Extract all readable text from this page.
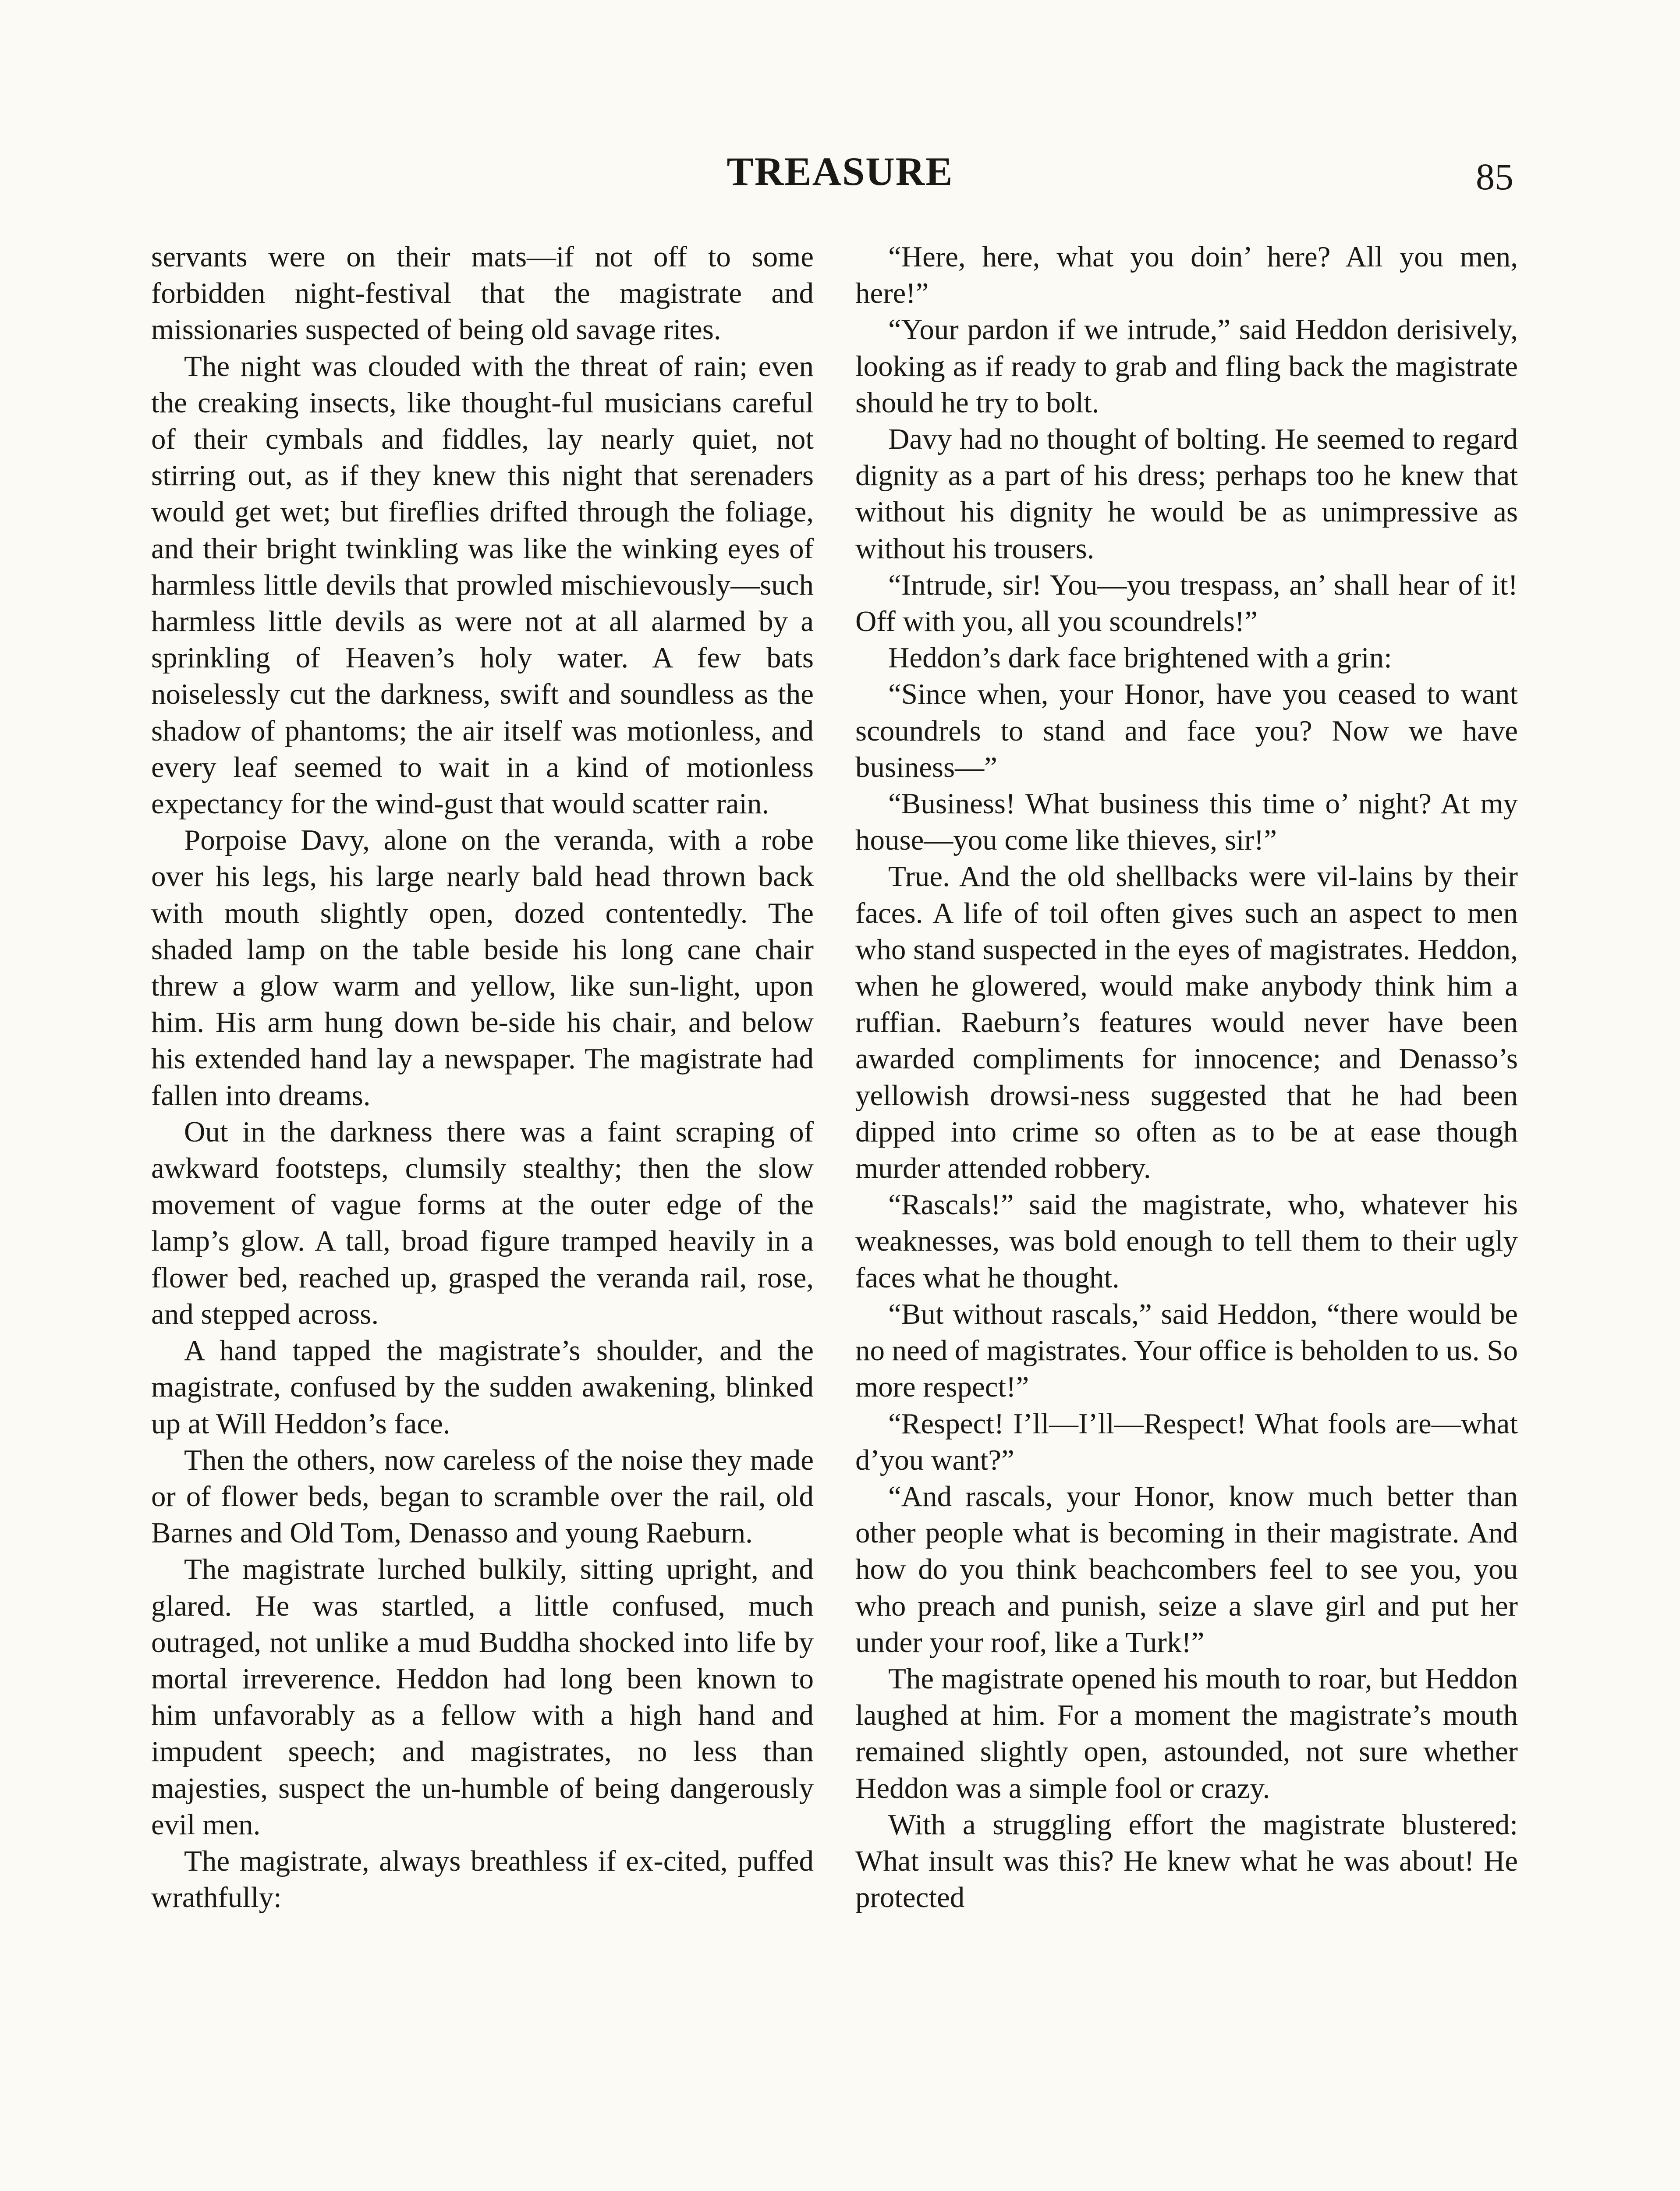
TREASURE	85

servants were on their mats—if not off to some forbidden night-festival that the magistrate and missionaries suspected of being old savage rites.

The night was clouded with the threat of rain; even the creaking insects, like thought-ful musicians careful of their cymbals and fiddles, lay nearly quiet, not stirring out, as if they knew this night that serenaders would get wet; but fireflies drifted through the foliage, and their bright twinkling was like the winking eyes of harmless little devils that prowled mischievously—such harmless little devils as were not at all alarmed by a sprinkling of Heaven’s holy water. A few bats noiselessly cut the darkness, swift and soundless as the shadow of phantoms; the air itself was motionless, and every leaf seemed to wait in a kind of motionless expectancy for the wind-gust that would scatter rain.

Porpoise Davy, alone on the veranda, with a robe over his legs, his large nearly bald head thrown back with mouth slightly open, dozed contentedly. The shaded lamp on the table beside his long cane chair threw a glow warm and yellow, like sun-light, upon him. His arm hung down be-side his chair, and below his extended hand lay a newspaper. The magistrate had fallen into dreams.

Out in the darkness there was a faint scraping of awkward footsteps, clumsily stealthy; then the slow movement of vague forms at the outer edge of the lamp’s glow. A tall, broad figure tramped heavily in a flower bed, reached up, grasped the veranda rail, rose, and stepped across.

A hand tapped the magistrate’s shoulder, and the magistrate, confused by the sudden awakening, blinked up at Will Heddon’s face.

Then the others, now careless of the noise they made or of flower beds, began to scramble over the rail, old Barnes and Old Tom, Denasso and young Raeburn.

The magistrate lurched bulkily, sitting upright, and glared. He was startled, a little confused, much outraged, not unlike a mud Buddha shocked into life by mortal irreverence. Heddon had long been known to him unfavorably as a fellow with a high hand and impudent speech; and magistrates, no less than majesties, suspect the un-humble of being dangerously evil men.

The magistrate, always breathless if ex-cited, puffed wrathfully:

“Here, here, what you doin’ here? All you men, here!”

“Your pardon if we intrude,” said Heddon derisively, looking as if ready to grab and fling back the magistrate should he try to bolt.

Davy had no thought of bolting. He seemed to regard dignity as a part of his dress; perhaps too he knew that without his dignity he would be as unimpressive as without his trousers.

“Intrude, sir! You—you trespass, an’ shall hear of it! Off with you, all you scoundrels!”

Heddon’s dark face brightened with a grin:

“Since when, your Honor, have you ceased to want scoundrels to stand and face you? Now we have business—”

“Business! What business this time o’ night? At my house—you come like thieves, sir!”

True. And the old shellbacks were vil-lains by their faces. A life of toil often gives such an aspect to men who stand suspected in the eyes of magistrates. Heddon, when he glowered, would make anybody think him a ruffian. Raeburn’s features would never have been awarded compliments for innocence; and Denasso’s yellowish drowsi-ness suggested that he had been dipped into crime so often as to be at ease though murder attended robbery.

“Rascals!” said the magistrate, who, whatever his weaknesses, was bold enough to tell them to their ugly faces what he thought.

“But without rascals,” said Heddon, “there would be no need of magistrates. Your office is beholden to us. So more respect!”

“Respect! I’ll—I’ll—Respect! What fools are—what d’you want?”

“And rascals, your Honor, know much better than other people what is becoming in their magistrate. And how do you think beachcombers feel to see you, you who preach and punish, seize a slave girl and put her under your roof, like a Turk!”

The magistrate opened his mouth to roar, but Heddon laughed at him. For a moment the magistrate’s mouth remained slightly open, astounded, not sure whether Heddon was a simple fool or crazy.

With a struggling effort the magistrate blustered: What insult was this? He knew what he was about! He protected
